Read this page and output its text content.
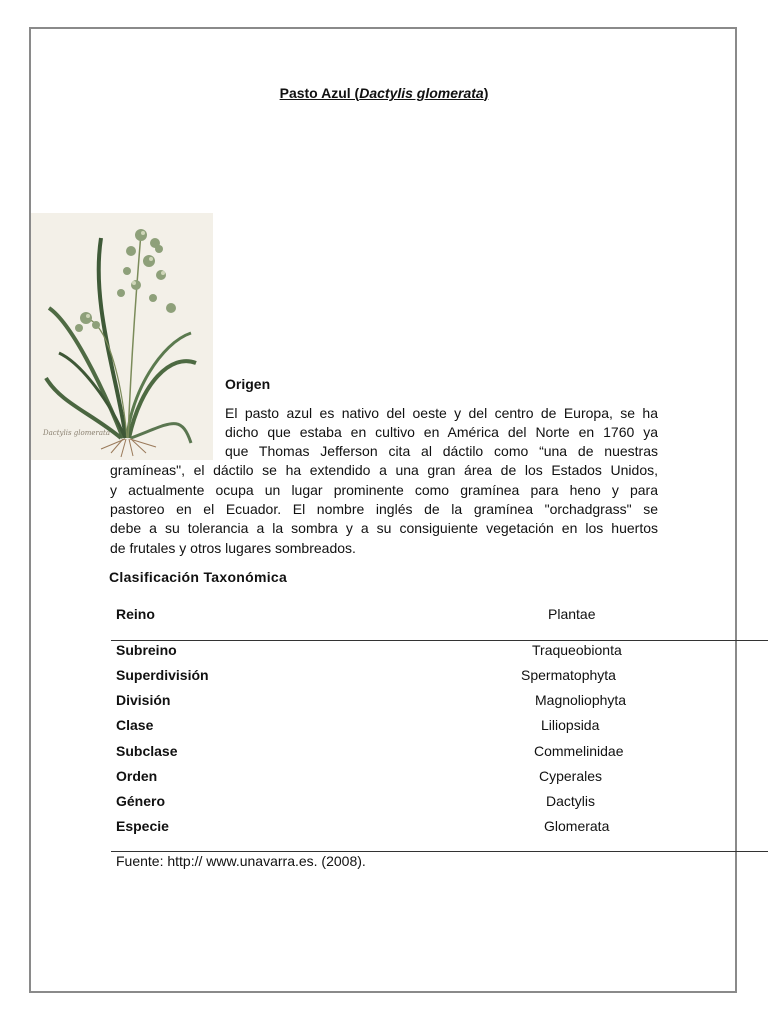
Pasto Azul (Dactylis glomerata)
Dactylis glomerata
Origen
El pasto azul es nativo del oeste y del centro de Europa, se ha
dicho que estaba en cultivo en América del Norte en 1760 ya
que Thomas Jefferson cita al dáctilo como “una de nuestras
gramíneas", el dáctilo se ha extendido a una gran área de los Estados Unidos,
y actualmente ocupa un lugar prominente como gramínea para heno y para
pastoreo en el Ecuador. El nombre inglés de la gramínea "orchadgrass" se
debe a su tolerancia a la sombra y a su consiguiente vegetación en los huertos
de frutales y otros lugares sombreados.
Clasificación Taxonómica
Reino	Plantae
Subreino	Traqueobionta
Superdivisión	Spermatophyta
División	Magnoliophyta
Clase	Liliopsida
Subclase	Commelinidae
Orden	Cyperales
Género	Dactylis
Especie	Glomerata
Fuente: http:// www.unavarra.es. (2008).
